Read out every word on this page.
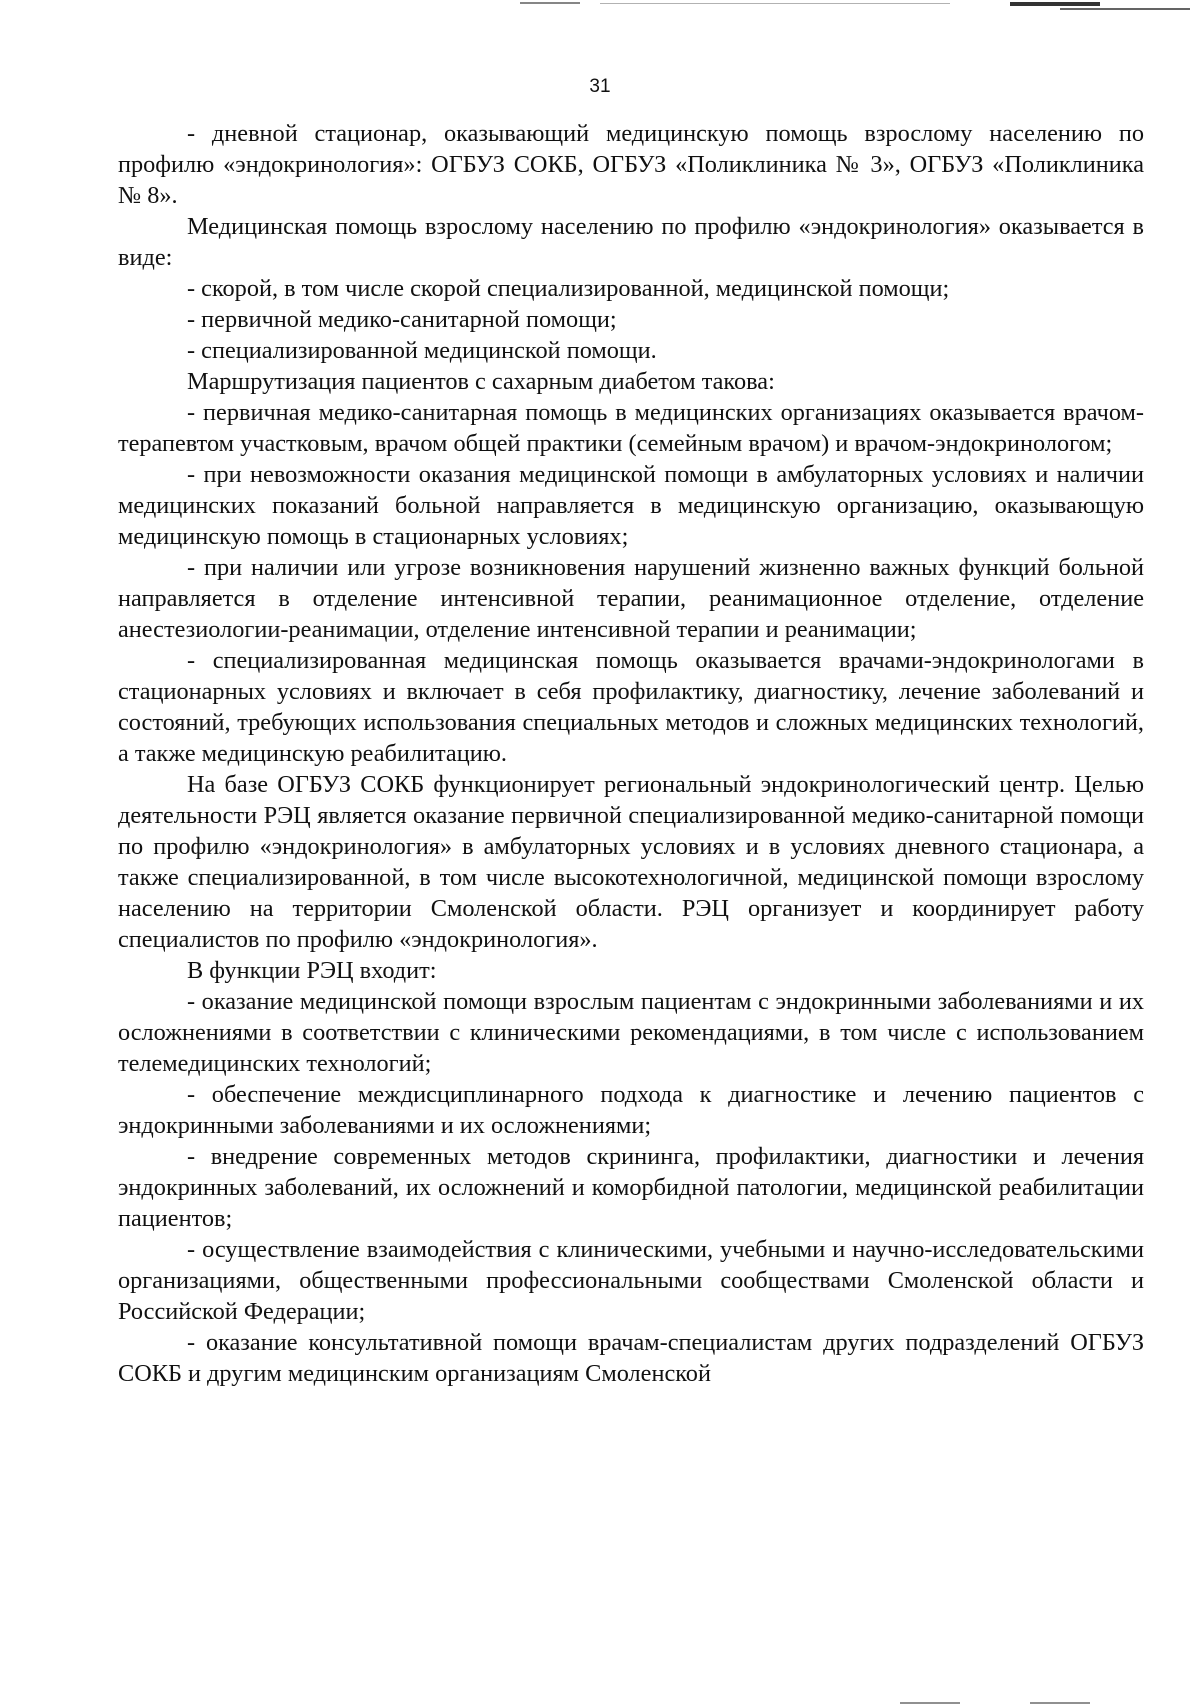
31

- дневной стационар, оказывающий медицинскую помощь взрослому населению по профилю «эндокринология»: ОГБУЗ СОКБ, ОГБУЗ «Поликлиника № 3», ОГБУЗ «Поликлиника № 8».

Медицинская помощь взрослому населению по профилю «эндокринология» оказывается в виде:

- скорой, в том числе скорой специализированной, медицинской помощи;

- первичной медико-санитарной помощи;

- специализированной медицинской помощи.

Маршрутизация пациентов с сахарным диабетом такова:

- первичная медико-санитарная помощь в медицинских организациях оказывается врачом-терапевтом участковым, врачом общей практики (семейным врачом) и врачом-эндокринологом;

- при невозможности оказания медицинской помощи в амбулаторных условиях и наличии медицинских показаний больной направляется в медицинскую организацию, оказывающую медицинскую помощь в стационарных условиях;

- при наличии или угрозе возникновения нарушений жизненно важных функций больной направляется в отделение интенсивной терапии, реанимационное отделение, отделение анестезиологии-реанимации, отделение интенсивной терапии и реанимации;

- специализированная медицинская помощь оказывается врачами-эндокринологами в стационарных условиях и включает в себя профилактику, диагностику, лечение заболеваний и состояний, требующих использования специальных методов и сложных медицинских технологий, а также медицинскую реабилитацию.

На базе ОГБУЗ СОКБ функционирует региональный эндокринологический центр. Целью деятельности РЭЦ является оказание первичной специализированной медико-санитарной помощи по профилю «эндокринология» в амбулаторных условиях и в условиях дневного стационара, а также специализированной, в том числе высокотехнологичной, медицинской помощи взрослому населению на территории Смоленской области. РЭЦ организует и координирует работу специалистов по профилю «эндокринология».

В функции РЭЦ входит:

- оказание медицинской помощи взрослым пациентам с эндокринными заболеваниями и их осложнениями в соответствии с клиническими рекомендациями, в том числе с использованием телемедицинских технологий;

- обеспечение междисциплинарного подхода к диагностике и лечению пациентов с эндокринными заболеваниями и их осложнениями;

- внедрение современных методов скрининга, профилактики, диагностики и лечения эндокринных заболеваний, их осложнений и коморбидной патологии, медицинской реабилитации пациентов;

- осуществление взаимодействия с клиническими, учебными и научно-исследовательскими организациями, общественными профессиональными сообществами Смоленской области и Российской Федерации;

- оказание консультативной помощи врачам-специалистам других подразделений ОГБУЗ СОКБ и другим медицинским организациям Смоленской
